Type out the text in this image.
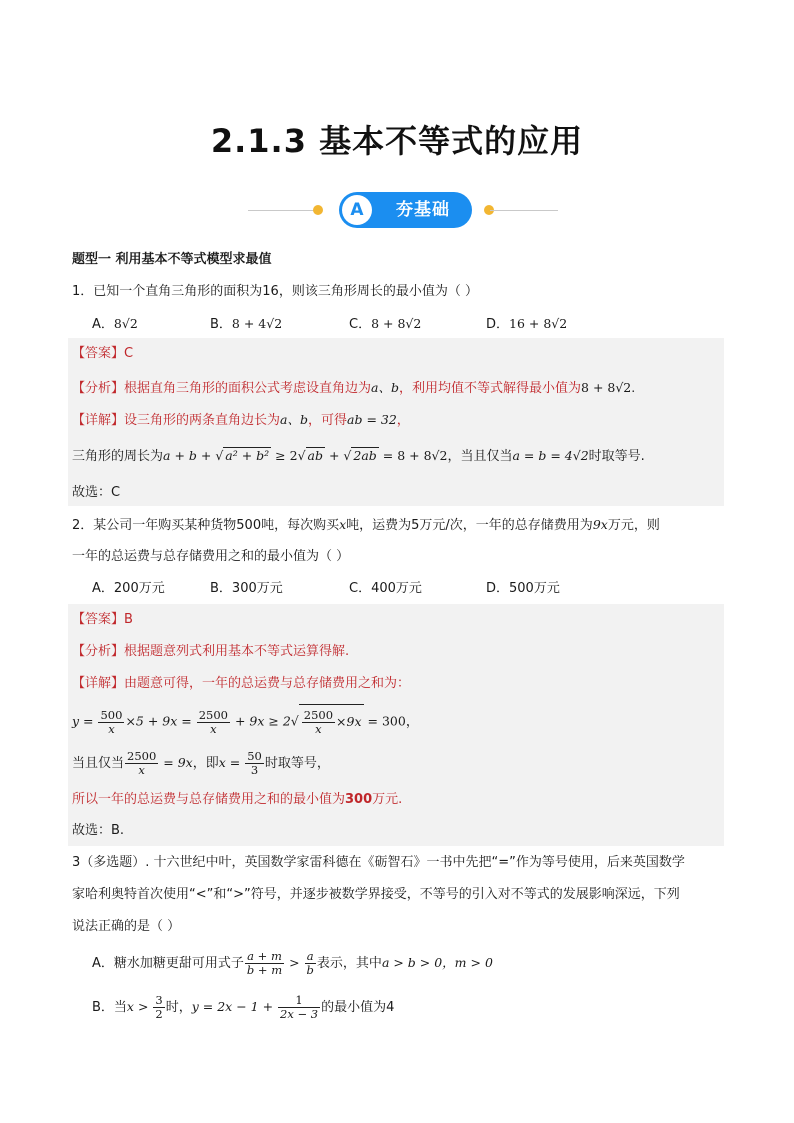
2.1.3 基本不等式的应用
A	夯基础
题型一 利用基本不等式模型求最值
1．已知一个直角三角形的面积为16，则该三角形周长的最小值为（ ）
A．8√2	B．8 + 4√2	C．8 + 8√2	D．16 + 8√2
【答案】C
【分析】根据直角三角形的面积公式考虑设直角边为a、b，利用均值不等式解得最小值为8 + 8√2.
【详解】设三角形的两条直角边长为a、b，可得ab = 32，
三角形的周长为a + b + √ a² + b² ≥ 2√ ab + √ 2ab = 8 + 8√2，当且仅当a = b = 4√2时取等号.
故选：C
2．某公司一年购买某种货物500吨，每次购买x吨，运费为5万元/次，一年的总存储费用为9x万元，则
一年的总运费与总存储费用之和的最小值为（ ）
A．200万元	B．300万元	C．400万元	D．500万元
【答案】B
【分析】根据题意列式利用基本不等式运算得解.
【详解】由题意可得，一年的总运费与总存储费用之和为：
$y = \frac{500}{x} \times 5 + 9x = \frac{2500}{x} + 9x \ge 2√ \frac{2500}{x} \times 9x = 300$，
当且仅当 $\frac{2500}{x} = 9x$，即$x = \frac{50}{3}$ 时取等号，
所以一年的总运费与总存储费用之和的最小值为300万元.
故选：B.
3（多选题）. 十六世纪中叶，英国数学家雷科德在《砺智石》一书中先把“=”作为等号使用，后来英国数学
家哈利奥特首次使用“<”和“>”符号，并逐步被数学界接受，不等号的引入对不等式的发展影响深远，下列
说法正确的是（ ）
A．糖水加糖更甜可用式子 $\frac{a + m}{b + m} > \frac{a}{b}$ 表示，其中a > b > 0，m > 0
B．当$x > \frac{3}{2}$ 时，$y = 2x - 1 + \frac{1}{2x - 3}$ 的最小值为4
